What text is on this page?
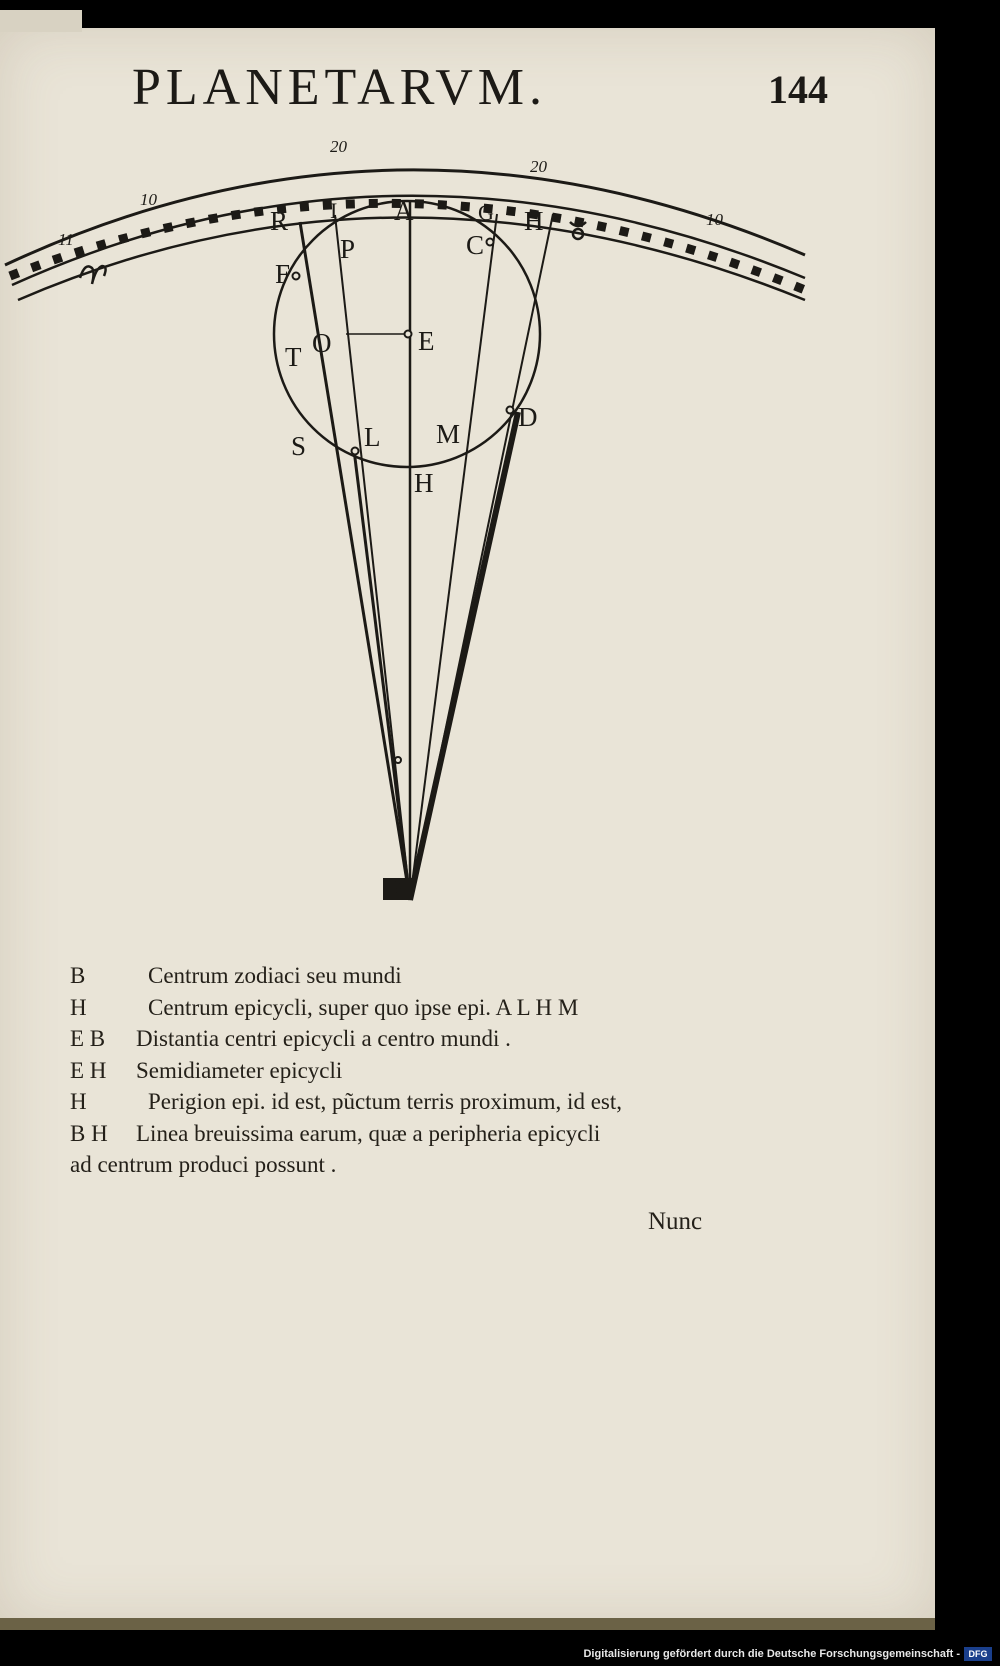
PLANETARVM.	144
20
20
10
10
11
R I A	G H
P	C
F
O	E
T
S L M
D
H
B
B	Centrum zodiaci seu mundi
H	Centrum epicycli, super quo ipse epi. A L H M
E B	Distantia centri epicycli a centro mundi .
E H	Semidiameter epicycli
H	Perigion epi. id est, pũctum terris proximum, id est,
B H	Linea breuissima earum, quæ a peripheria epicycli
ad centrum produci possunt .
Nunc
Digitalisierung gefördert durch die Deutsche Forschungsgemeinschaft - DFG
